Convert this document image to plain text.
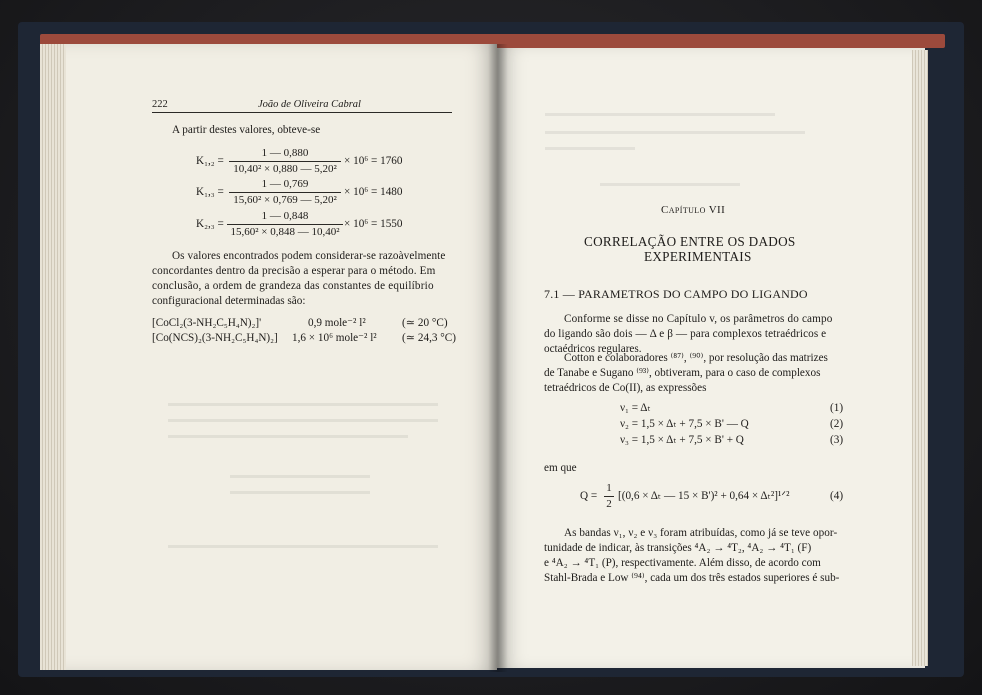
▬▬▬▬▬▬▬▬▬▬▬▬▬▬▬▬▬▬▬▬▬▬▬▬▬▬▬
▬▬▬▬▬▬▬▬▬▬▬▬▬▬▬▬▬▬▬▬▬▬▬▬▬▬▬
▬▬▬▬▬▬▬▬▬▬▬▬▬▬▬▬▬▬▬▬▬▬▬▬
▬▬▬▬▬▬▬▬▬▬▬▬▬▬
▬▬▬▬▬▬▬▬▬▬▬▬▬▬
▬▬▬▬▬▬▬▬▬▬▬▬▬▬▬▬▬▬▬▬▬▬▬▬▬▬▬
222	João de Oliveira Cabral
A partir destes valores, obteve-se
K₁,₂ =
1 — 0,880
10,40² × 0,880 — 5,20²
× 10⁶ = 1760
K₁,₃ =
1 — 0,769
15,60² × 0,769 — 5,20²
× 10⁶ = 1480
K₂,₃ =
1 — 0,848
15,60² × 0,848 — 10,40²
× 10⁶ = 1550
Os valores encontrados podem considerar-se razoàvelmente
concordantes dentro da precisão a esperar para o método. Em
conclusão, a ordem de grandeza das constantes de equilíbrio
configuracional determinadas são:
[CoCl₂(3-NH₂C₅H₄N)₂]'	0,9 mole⁻² l²	(≃ 20 °C)
[Co(NCS)₂(3-NH₂C₅H₄N)₂] 1,6 × 10⁶ mole⁻² l² (≃ 24,3 °C)
▬▬▬▬▬▬▬▬▬▬▬▬▬▬▬▬▬▬▬▬▬▬▬
▬▬▬▬▬▬▬▬▬▬▬▬▬▬▬▬▬▬▬▬▬▬▬▬▬▬
▬▬▬▬▬▬▬▬▬
▬▬▬▬▬▬▬▬▬▬▬▬▬▬
Capítulo VII
CORRELAÇÃO ENTRE OS DADOS
EXPERIMENTAIS
7.1 — PARAMETROS DO CAMPO DO LIGANDO
Conforme se disse no Capítulo v, os parâmetros do campo
do ligando são dois — Δ e β — para complexos tetraédricos e
octaédricos regulares.
Cotton e colaboradores ⁽⁸⁷⁾, ⁽⁹⁰⁾, por resolução das matrizes
de Tanabe e Sugano ⁽⁹³⁾, obtiveram, para o caso de complexos
tetraédricos de Co(II), as expressões
ν₁ = Δₜ	(1)
ν₂ = 1,5 × Δₜ + 7,5 × B' — Q	(2)
ν₃ = 1,5 × Δₜ + 7,5 × B' + Q	(3)
em que
Q =
1
2
[(0,6 × Δₜ — 15 × B')² + 0,64 × Δₜ²]¹ᐟ²	(4)
As bandas ν₁, ν₂ e ν₃ foram atribuídas, como já se teve opor-
tunidade de indicar, às transições ⁴A₂ → ⁴T₂, ⁴A₂ → ⁴T₁ (F)
e ⁴A₂ → ⁴T₁ (P), respectivamente. Além disso, de acordo com
Stahl-Brada e Low ⁽⁹⁴⁾, cada um dos três estados superiores é sub-
